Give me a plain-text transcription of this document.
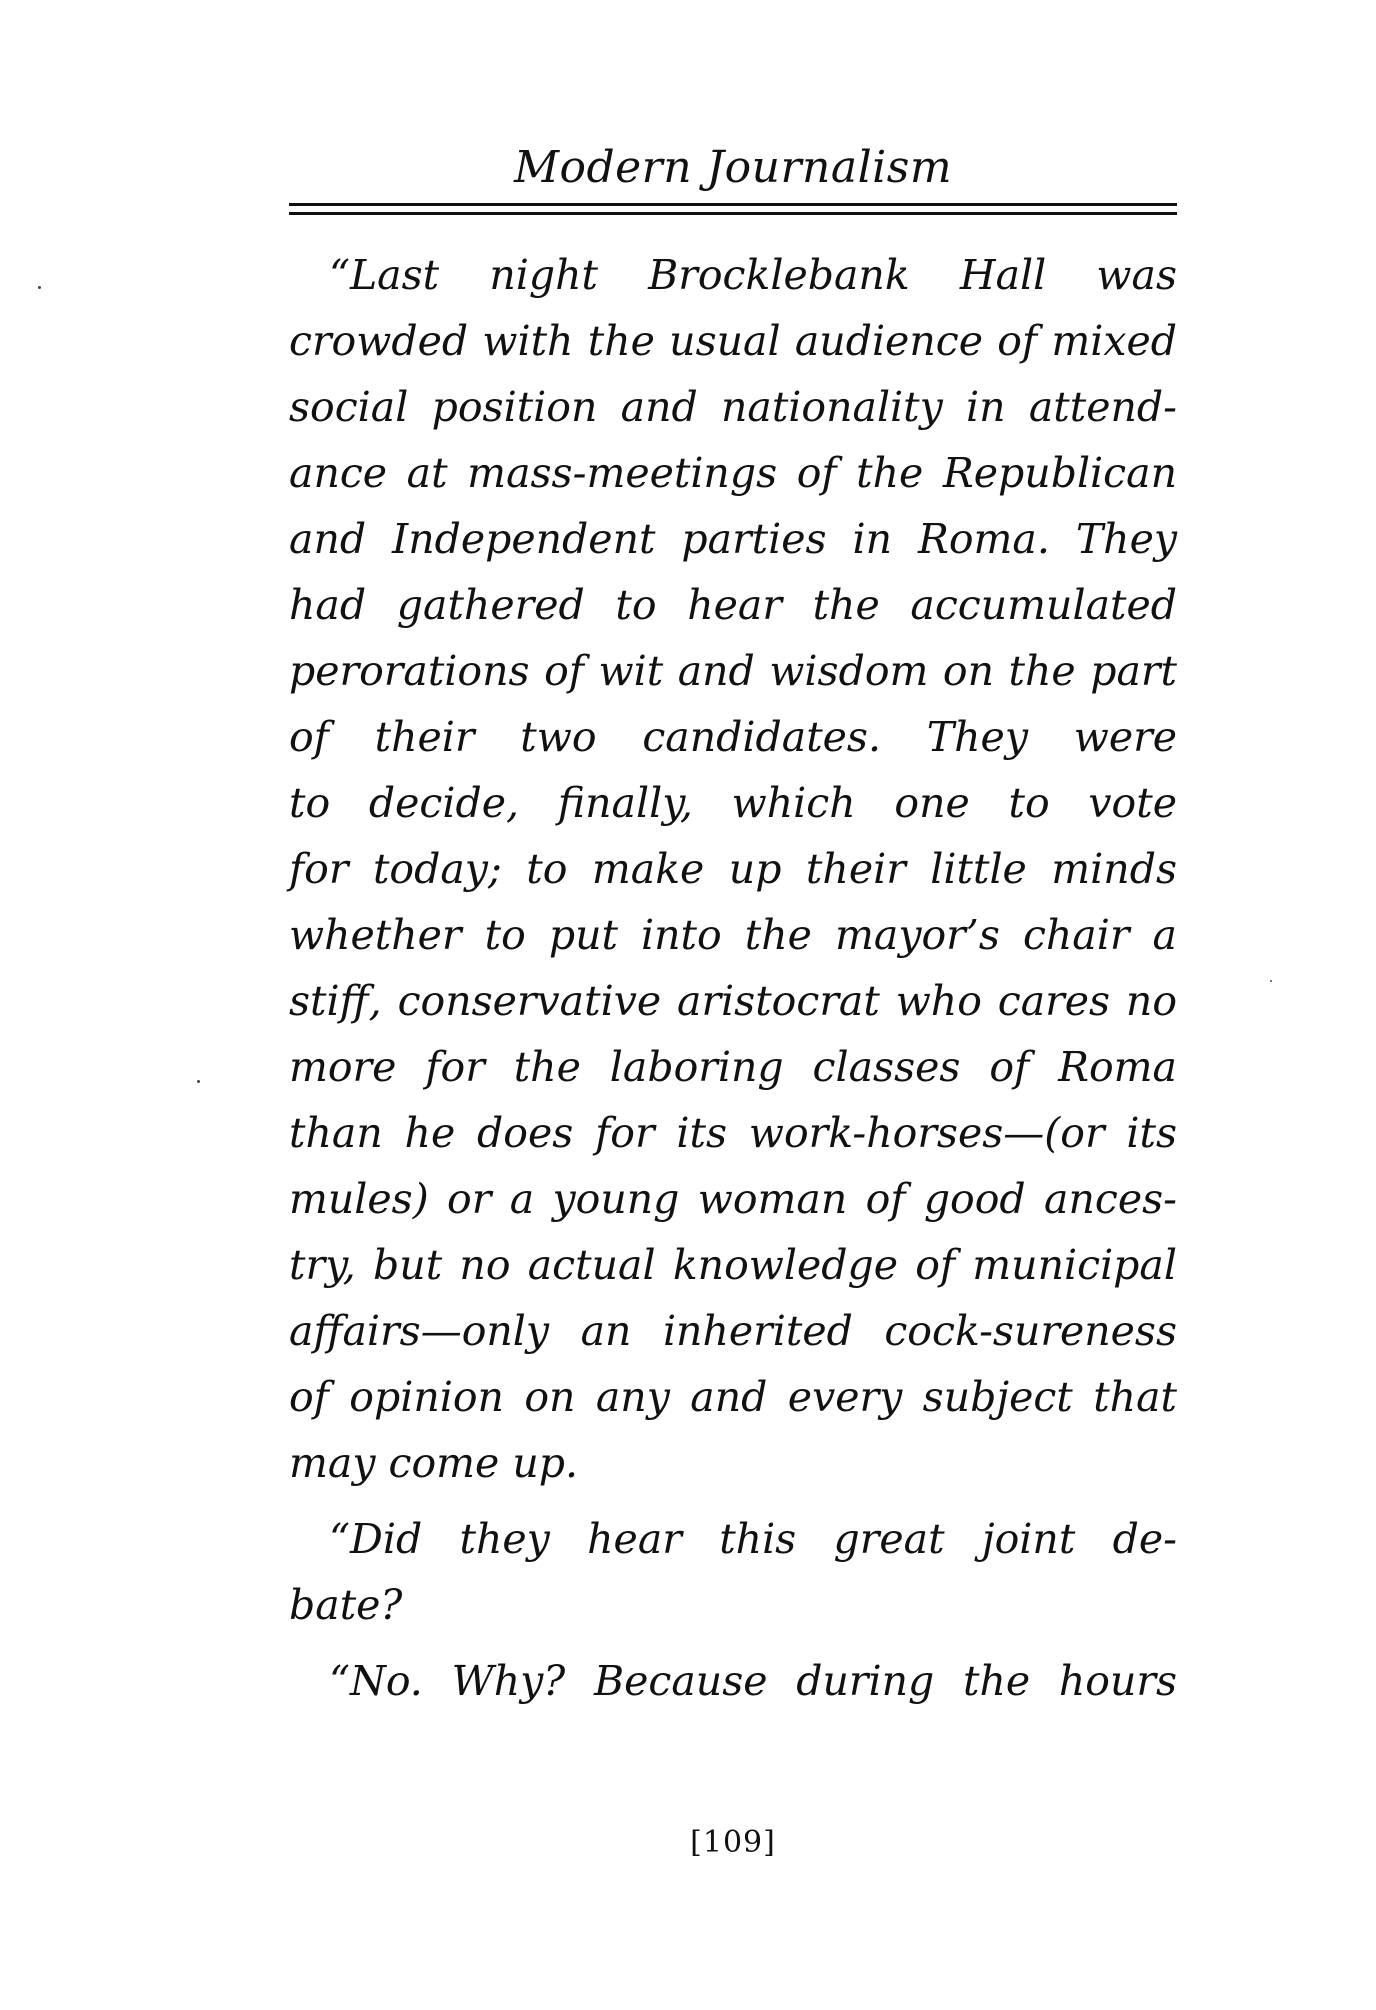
Modern Journalism
“Last night Brocklebank Hall was
crowded with the usual audience of mixed
social position and nationality in attend-
ance at mass-meetings of the Republican
and Independent parties in Roma. They
had gathered to hear the accumulated
perorations of wit and wisdom on the part
of their two candidates. They were
to decide, finally, which one to vote
for today; to make up their little minds
whether to put into the mayor’s chair a
stiff, conservative aristocrat who cares no
more for the laboring classes of Roma
than he does for its work-horses—(or its
mules) or a young woman of good ances-
try, but no actual knowledge of municipal
affairs—only an inherited cock-sureness
of opinion on any and every subject that
may come up.
“Did they hear this great joint de-
bate?
“No. Why? Because during the hours
[109]
